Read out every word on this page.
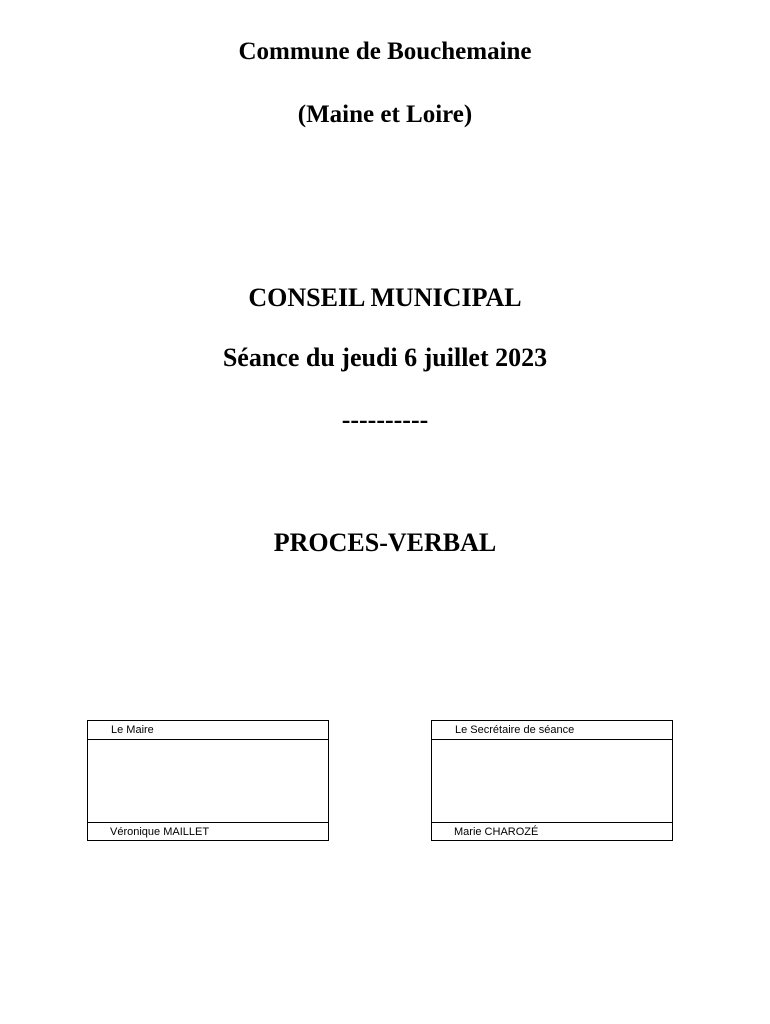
Commune de Bouchemaine
(Maine et Loire)
CONSEIL MUNICIPAL
Séance du jeudi 6 juillet 2023
----------
PROCES-VERBAL
Le Maire
Véronique MAILLET
Le Secrétaire de séance
Marie CHAROZÉ
